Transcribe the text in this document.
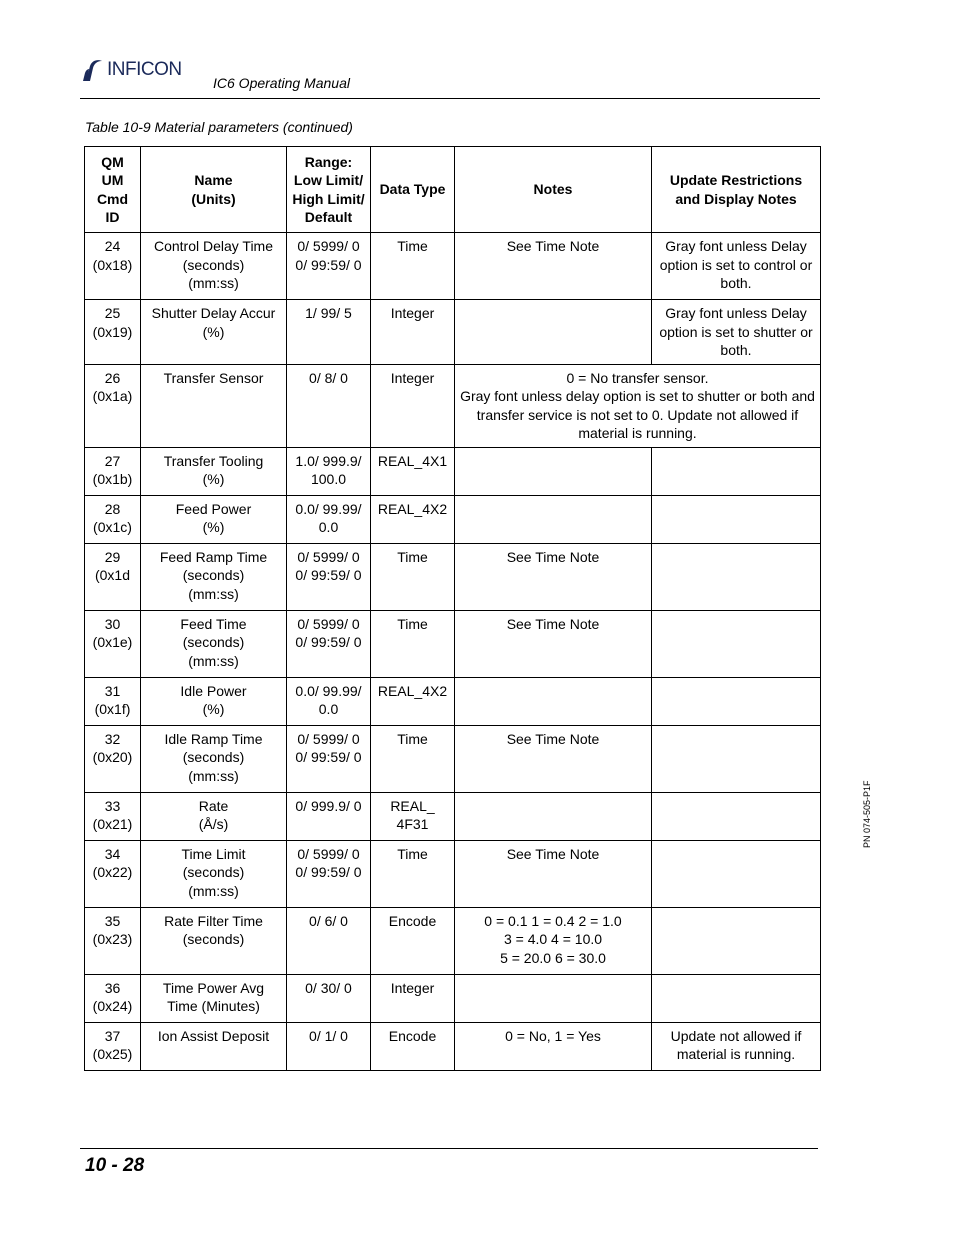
INFICON
IC6 Operating Manual
Table 10-9 Material parameters (continued)
QM UM
Cmd ID	Name
(Units)	Range:
Low Limit/
High Limit/
Default	Data Type	Notes	Update Restrictions
and Display Notes
24
(0x18)	Control Delay Time
(seconds)
(mm:ss)	0/ 5999/ 0
0/ 99:59/ 0	Time	See Time Note	Gray font unless Delay option is set to control or both.
25
(0x19)	Shutter Delay Accur
(%)	1/ 99/ 5	Integer		Gray font unless Delay option is set to shutter or both.
26
(0x1a)	Transfer Sensor	0/ 8/ 0	Integer	0 = No transfer sensor.
Gray font unless delay option is set to shutter or both and transfer service is not set to 0. Update not allowed if material is running.	
27
(0x1b)	Transfer Tooling
(%)	1.0/ 999.9/
100.0	REAL_4X1		
28
(0x1c)	Feed Power
(%)	0.0/ 99.99/
0.0	REAL_4X2		
29
(0x1d	Feed Ramp Time
(seconds)
(mm:ss)	0/ 5999/ 0
0/ 99:59/ 0	Time	See Time Note	
30
(0x1e)	Feed Time
(seconds)
(mm:ss)	0/ 5999/ 0
0/ 99:59/ 0	Time	See Time Note	
31
(0x1f)	Idle Power
(%)	0.0/ 99.99/
0.0	REAL_4X2		
32
(0x20)	Idle Ramp Time
(seconds)
(mm:ss)	0/ 5999/ 0
0/ 99:59/ 0	Time	See Time Note	
33
(0x21)	Rate
(Å/s)	0/ 999.9/ 0	REAL_
4F31		
34
(0x22)	Time Limit
(seconds)
(mm:ss)	0/ 5999/ 0
0/ 99:59/ 0	Time	See Time Note	
35
(0x23)	Rate Filter Time
(seconds)	0/ 6/ 0	Encode	0 = 0.1 1 = 0.4 2 = 1.0
3 = 4.0 4 = 10.0
5 = 20.0 6 = 30.0	
36
(0x24)	Time Power Avg
Time (Minutes)	0/ 30/ 0	Integer		
37
(0x25)	Ion Assist Deposit	0/ 1/ 0	Encode	0 = No, 1 = Yes	Update not allowed if material is running.
PN 074-505-P1F
10 - 28
